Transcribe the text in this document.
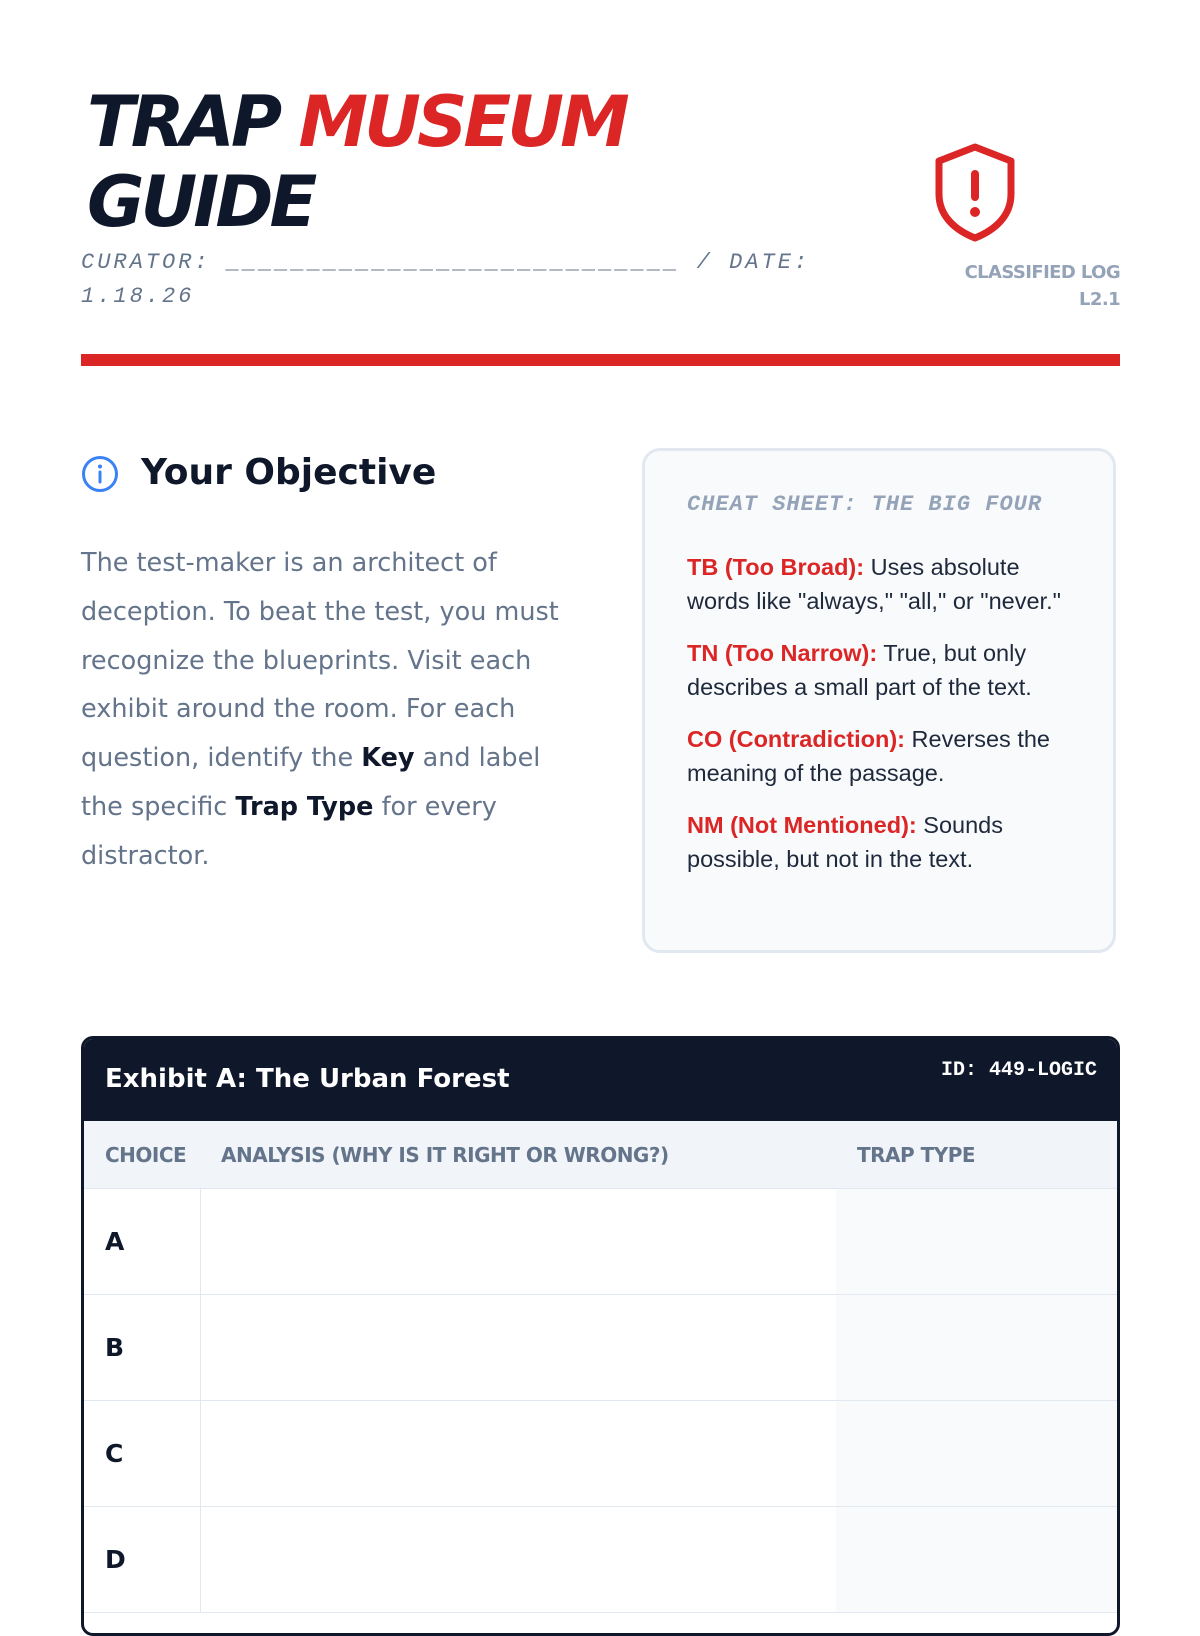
TRAP MUSEUM
GUIDE
CURATOR: ____________________________ / DATE: 1.18.26
CLASSIFIED LOG
L2.1
Your Objective

The test-maker is an architect of deception. To beat the test, you must recognize the blueprints. Visit each exhibit around the room. For each question, identify the Key and label the specific Trap Type for every distractor.

CHEAT SHEET: THE BIG FOUR
TB (Too Broad): Uses absolute words like "always," "all," or "never."
TN (Too Narrow): True, but only describes a small part of the text.
CO (Contradiction): Reverses the meaning of the passage.
NM (Not Mentioned): Sounds possible, but not in the text.
Exhibit A: The Urban Forest	ID: 449-LOGIC
CHOICE	ANALYSIS (WHY IS IT RIGHT OR WRONG?)	TRAP TYPE
A		
B		
C		
D		
